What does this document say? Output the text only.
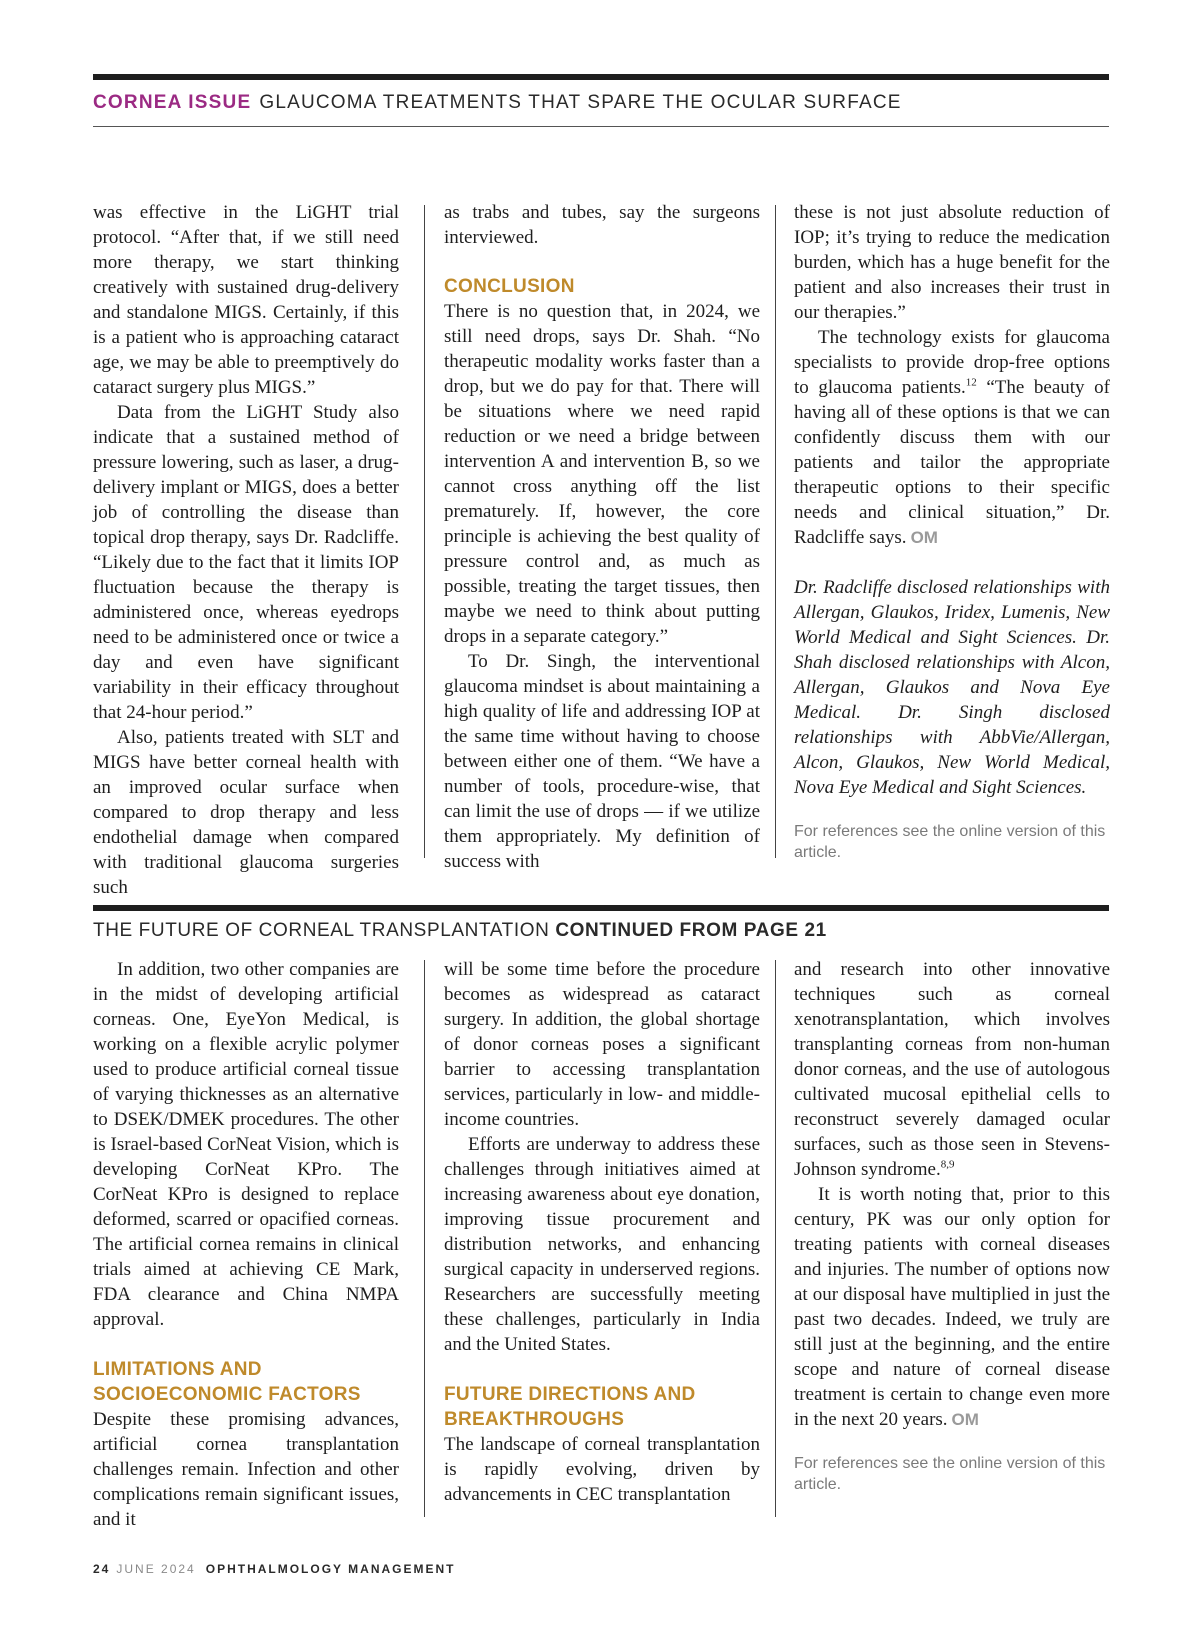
CORNEA ISSUE GLAUCOMA TREATMENTS THAT SPARE THE OCULAR SURFACE

was effective in the LiGHT trial protocol. “After that, if we still need more therapy, we start thinking creatively with sustained drug-delivery and standalone MIGS. Certainly, if this is a patient who is approaching cataract age, we may be able to preemptively do cataract surgery plus MIGS.”

Data from the LiGHT Study also indicate that a sustained method of pressure lowering, such as laser, a drug-delivery implant or MIGS, does a better job of controlling the disease than topical drop therapy, says Dr. Radcliffe. “Likely due to the fact that it limits IOP fluctuation because the therapy is administered once, whereas eyedrops need to be administered once or twice a day and even have significant variability in their efficacy throughout that 24-hour period.”

Also, patients treated with SLT and MIGS have better corneal health with an improved ocular surface when compared to drop therapy and less endothelial damage when compared with traditional glaucoma surgeries such

as trabs and tubes, say the surgeons interviewed.

CONCLUSION

There is no question that, in 2024, we still need drops, says Dr. Shah. “No therapeutic modality works faster than a drop, but we do pay for that. There will be situations where we need rapid reduction or we need a bridge between intervention A and intervention B, so we cannot cross anything off the list prematurely. If, however, the core principle is achieving the best quality of pressure control and, as much as possible, treating the target tissues, then maybe we need to think about putting drops in a separate category.”

To Dr. Singh, the interventional glaucoma mindset is about maintaining a high quality of life and addressing IOP at the same time without having to choose between either one of them. “We have a number of tools, procedure-wise, that can limit the use of drops — if we utilize them appropriately. My definition of success with

these is not just absolute reduction of IOP; it’s trying to reduce the medication burden, which has a huge benefit for the patient and also increases their trust in our therapies.”

The technology exists for glaucoma specialists to provide drop-free options to glaucoma patients.$^{12}$ “The beauty of having all of these options is that we can confidently discuss them with our patients and tailor the appropriate therapeutic options to their specific needs and clinical situation,” Dr. Radcliffe says. OM

Dr. Radcliffe disclosed relationships with Allergan, Glaukos, Iridex, Lumenis, New World Medical and Sight Sciences. Dr. Shah disclosed relationships with Alcon, Allergan, Glaukos and Nova Eye Medical. Dr. Singh disclosed relationships with AbbVie/Allergan, Alcon, Glaukos, New World Medical, Nova Eye Medical and Sight Sciences.

For references see the online version of this article.

THE FUTURE OF CORNEAL TRANSPLANTATION CONTINUED FROM PAGE 21

In addition, two other companies are in the midst of developing artificial corneas. One, EyeYon Medical, is working on a flexible acrylic polymer used to produce artificial corneal tissue of varying thicknesses as an alternative to DSEK/DMEK procedures. The other is Israel-based CorNeat Vision, which is developing CorNeat KPro. The CorNeat KPro is designed to replace deformed, scarred or opacified corneas. The artificial cornea remains in clinical trials aimed at achieving CE Mark, FDA clearance and China NMPA approval.

LIMITATIONS AND
SOCIOECONOMIC FACTORS

Despite these promising advances, artificial cornea transplantation challenges remain. Infection and other complications remain significant issues, and it

will be some time before the procedure becomes as widespread as cataract surgery. In addition, the global shortage of donor corneas poses a significant barrier to accessing transplantation services, particularly in low- and middle-income countries.

Efforts are underway to address these challenges through initiatives aimed at increasing awareness about eye donation, improving tissue procurement and distribution networks, and enhancing surgical capacity in underserved regions. Researchers are successfully meeting these challenges, particularly in India and the United States.

FUTURE DIRECTIONS AND
BREAKTHROUGHS

The landscape of corneal transplantation is rapidly evolving, driven by advancements in CEC transplantation

and research into other innovative techniques such as corneal xenotransplantation, which involves transplanting corneas from non-human donor corneas, and the use of autologous cultivated mucosal epithelial cells to reconstruct severely damaged ocular surfaces, such as those seen in Stevens-Johnson syndrome.$^{8,9}$

It is worth noting that, prior to this century, PK was our only option for treating patients with corneal diseases and injuries. The number of options now at our disposal have multiplied in just the past two decades. Indeed, we truly are still just at the beginning, and the entire scope and nature of corneal disease treatment is certain to change even more in the next 20 years. OM

For references see the online version of this article.

24 JUNE 2024 OPHTHALMOLOGY MANAGEMENT
